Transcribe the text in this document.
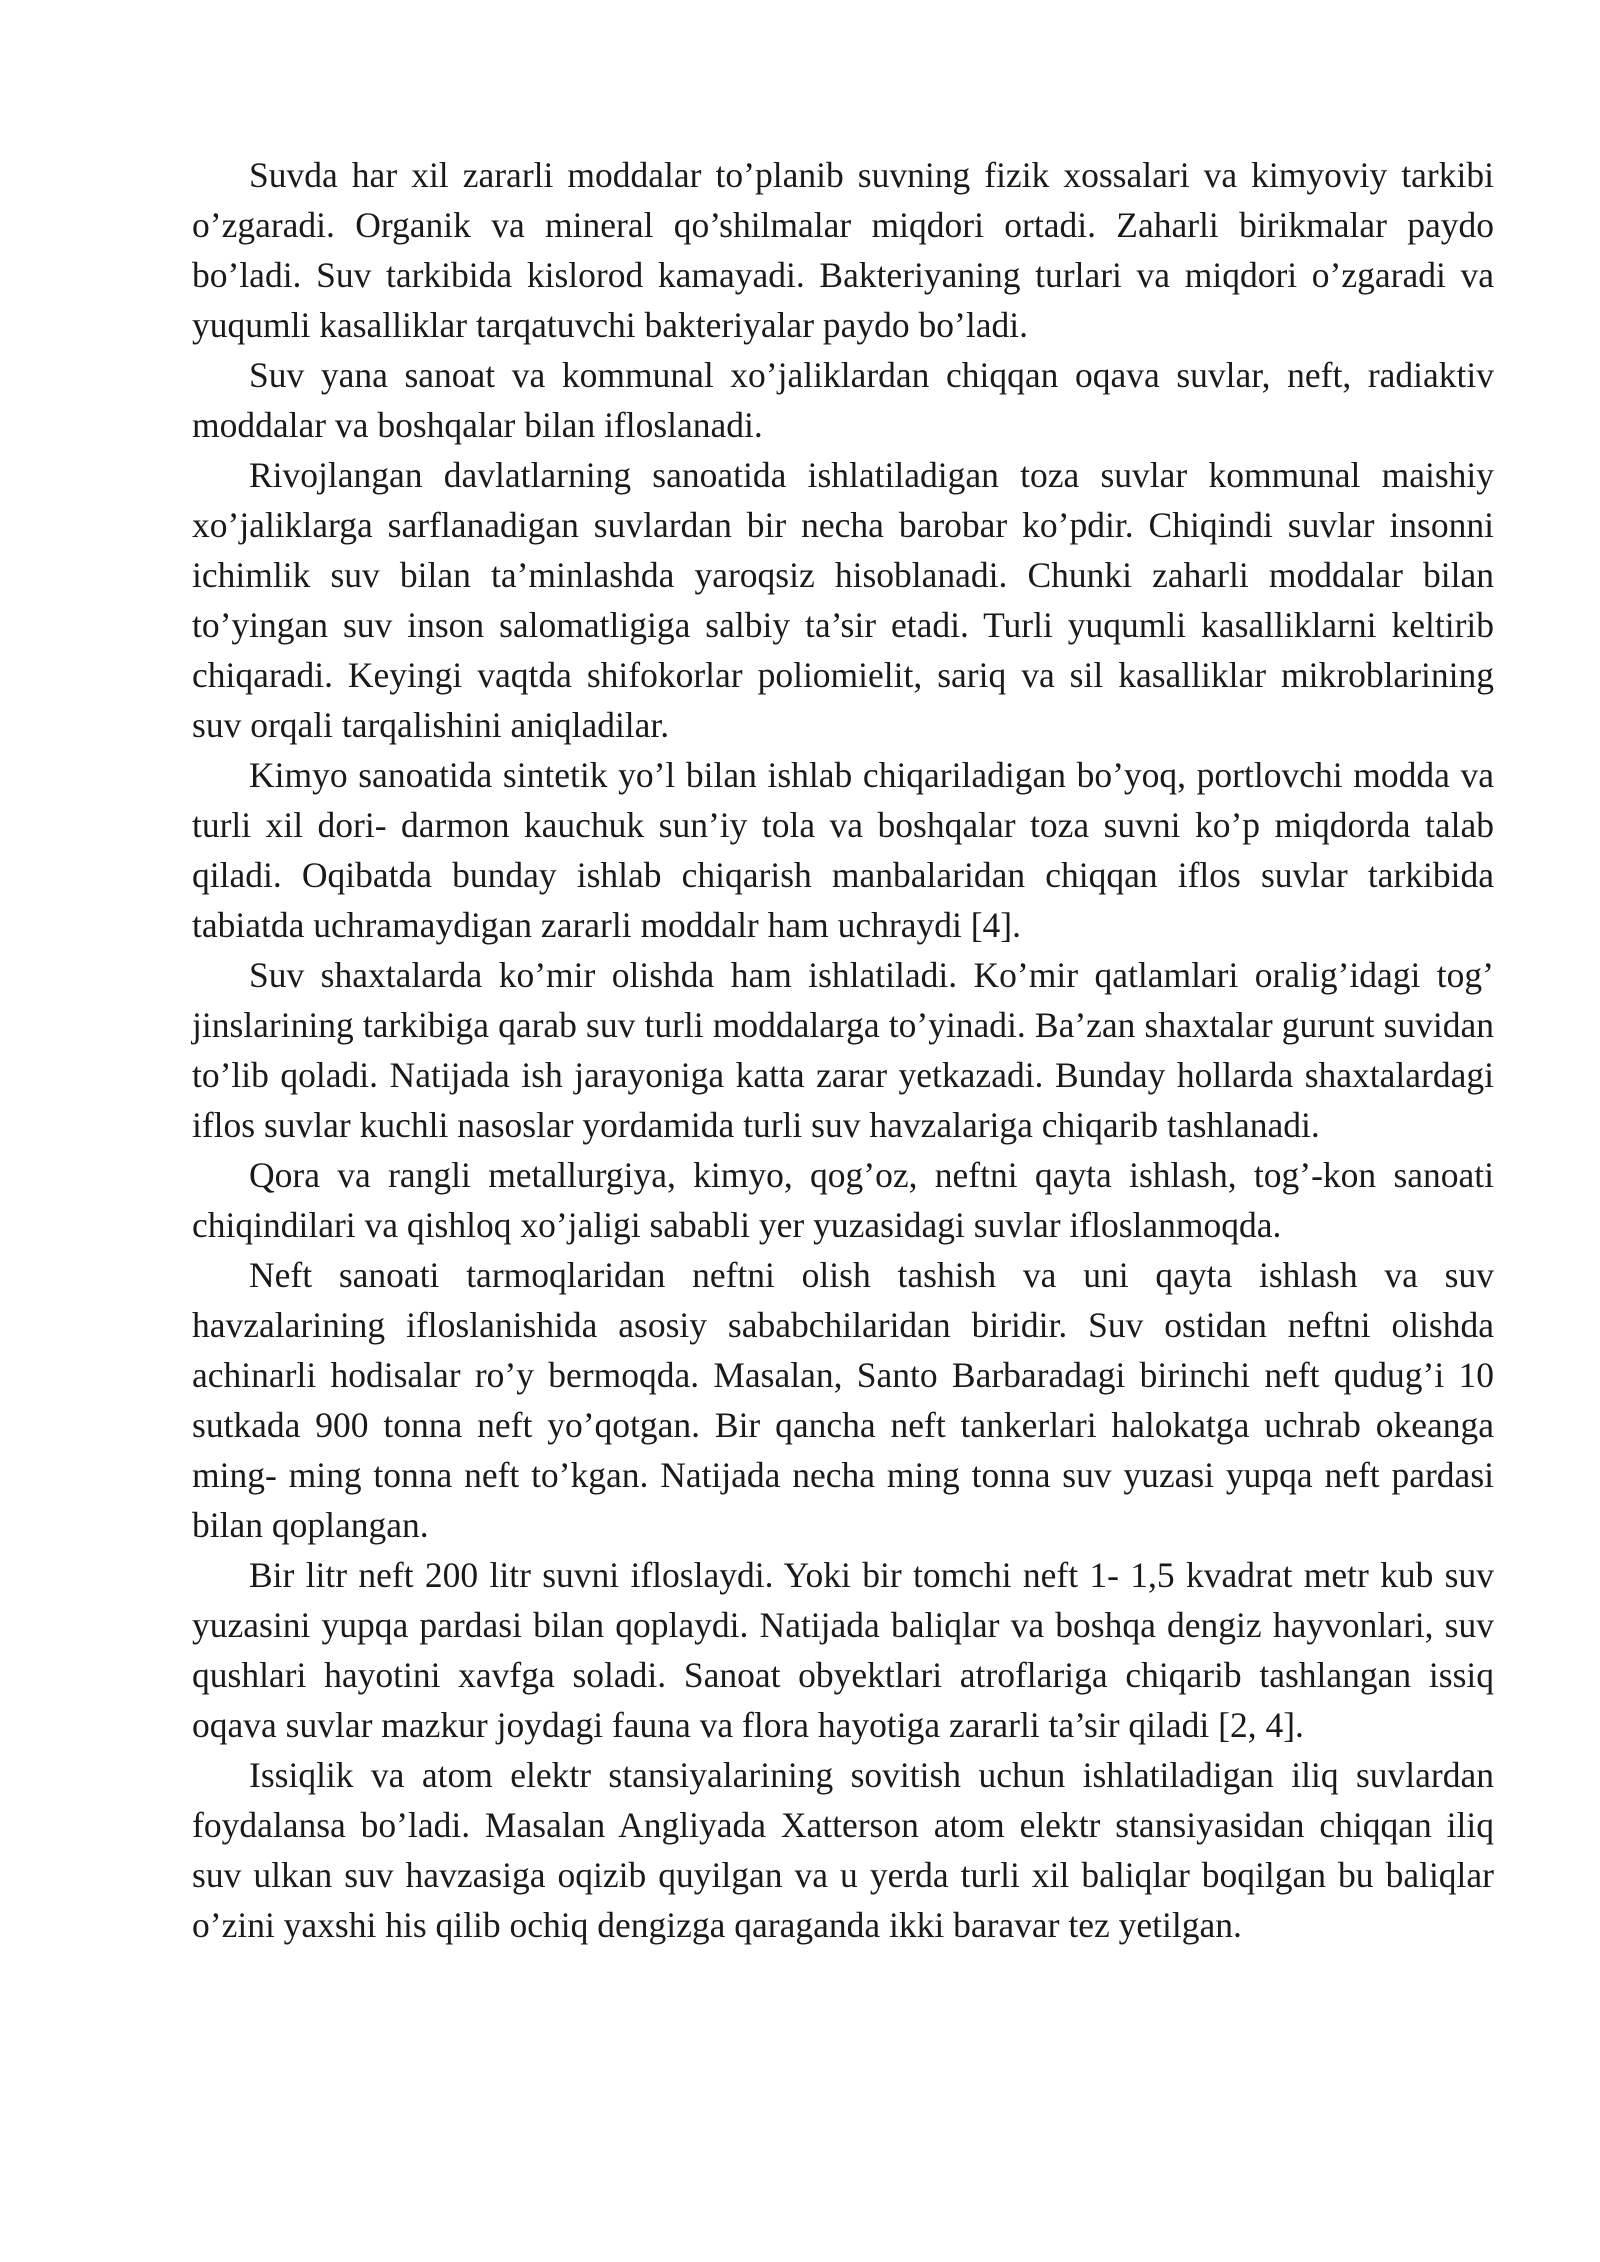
Suvda har xil zararli moddalar to’planib suvning fizik xossalari va kimyoviy tarkibi o’zgaradi. Organik va mineral qo’shilmalar miqdori ortadi. Zaharli birikmalar paydo bo’ladi. Suv tarkibida kislorod kamayadi. Bakteriyaning turlari va miqdori o’zgaradi va yuqumli kasalliklar tarqatuvchi bakteriyalar paydo bo’ladi.

Suv yana sanoat va kommunal xo’jaliklardan chiqqan oqava suvlar, neft, radiaktiv moddalar va boshqalar bilan ifloslanadi.

Rivojlangan davlatlarning sanoatida ishlatiladigan toza suvlar kommunal maishiy xo’jaliklarga sarflanadigan suvlardan bir necha barobar ko’pdir. Chiqindi suvlar insonni ichimlik suv bilan ta’minlashda yaroqsiz hisoblanadi. Chunki zaharli moddalar bilan to’yingan suv inson salomatligiga salbiy ta’sir etadi. Turli yuqumli kasalliklarni keltirib chiqaradi. Keyingi vaqtda shifokorlar poliomielit, sariq va sil kasalliklar mikroblarining suv orqali tarqalishini aniqladilar.

Kimyo sanoatida sintetik yo’l bilan ishlab chiqariladigan bo’yoq, portlovchi modda va turli xil dori- darmon kauchuk sun’iy tola va boshqalar toza suvni ko’p miqdorda talab qiladi. Oqibatda bunday ishlab chiqarish manbalaridan chiqqan iflos suvlar tarkibida tabiatda uchramaydigan zararli moddalr ham uchraydi [4].

Suv shaxtalarda ko’mir olishda ham ishlatiladi. Ko’mir qatlamlari oralig’idagi tog’ jinslarining tarkibiga qarab suv turli moddalarga to’yinadi. Ba’zan shaxtalar gurunt suvidan to’lib qoladi. Natijada ish jarayoniga katta zarar yetkazadi. Bunday hollarda shaxtalardagi iflos suvlar kuchli nasoslar yordamida turli suv havzalariga chiqarib tashlanadi.

Qora va rangli metallurgiya, kimyo, qog’oz, neftni qayta ishlash, tog’-kon sanoati chiqindilari va qishloq xo’jaligi sababli yer yuzasidagi suvlar ifloslanmoqda.

Neft sanoati tarmoqlaridan neftni olish tashish va uni qayta ishlash va suv havzalarining ifloslanishida asosiy sababchilaridan biridir. Suv ostidan neftni olishda achinarli hodisalar ro’y bermoqda. Masalan, Santo Barbaradagi birinchi neft qudug’i 10 sutkada 900 tonna neft yo’qotgan. Bir qancha neft tankerlari halokatga uchrab okeanga ming- ming tonna neft to’kgan. Natijada necha ming tonna suv yuzasi yupqa neft pardasi bilan qoplangan.

Bir litr neft 200 litr suvni ifloslaydi. Yoki bir tomchi neft 1- 1,5 kvadrat metr kub suv yuzasini yupqa pardasi bilan qoplaydi. Natijada baliqlar va boshqa dengiz hayvonlari, suv qushlari hayotini xavfga soladi. Sanoat obyektlari atroflariga chiqarib tashlangan issiq oqava suvlar mazkur joydagi fauna va flora hayotiga zararli ta’sir qiladi [2, 4].

Issiqlik va atom elektr stansiyalarining sovitish uchun ishlatiladigan iliq suvlardan foydalansa bo’ladi. Masalan Angliyada Xatterson atom elektr stansiyasidan chiqqan iliq suv ulkan suv havzasiga oqizib quyilgan va u yerda turli xil baliqlar boqilgan bu baliqlar o’zini yaxshi his qilib ochiq dengizga qaraganda ikki baravar tez yetilgan.
